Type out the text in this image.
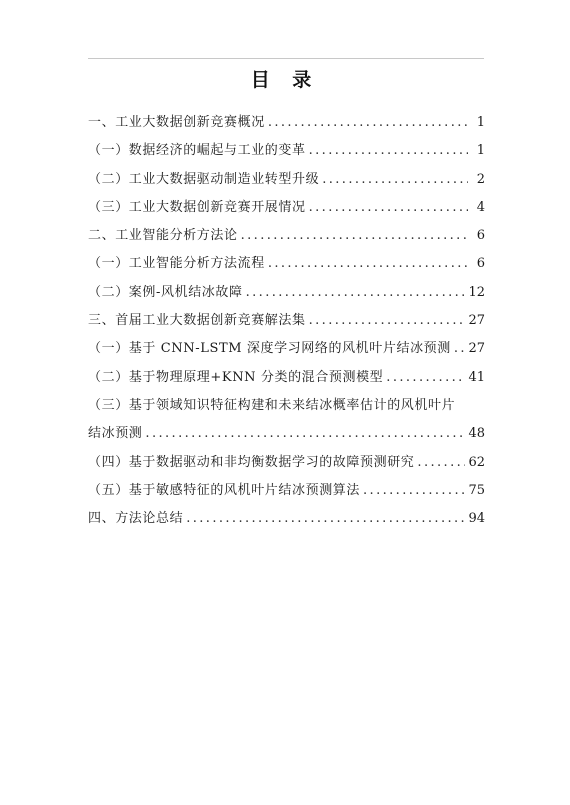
目 录
一、工业大数据创新竞赛概况 .....	1
（一）数据经济的崛起与工业的变革 .....	1
（二）工业大数据驱动制造业转型升级 .....	2
（三）工业大数据创新竞赛开展情况 .....	4
二、工业智能分析方法论 .....	6
（一）工业智能分析方法流程 .....	6
（二）案例-风机结冰故障 .....	12
三、首届工业大数据创新竞赛解法集 .....	27
（一）基于 CNN-LSTM 深度学习网络的风机叶片结冰预测 ..... 27
（二）基于物理原理+KNN 分类的混合预测模型 .....	41
（三）基于领域知识特征构建和未来结冰概率估计的风机叶片
结冰预测 .....	48
（四）基于数据驱动和非均衡数据学习的故障预测研究 .....	62
（五）基于敏感特征的风机叶片结冰预测算法 .....	75
四、方法论总结 .....	94
